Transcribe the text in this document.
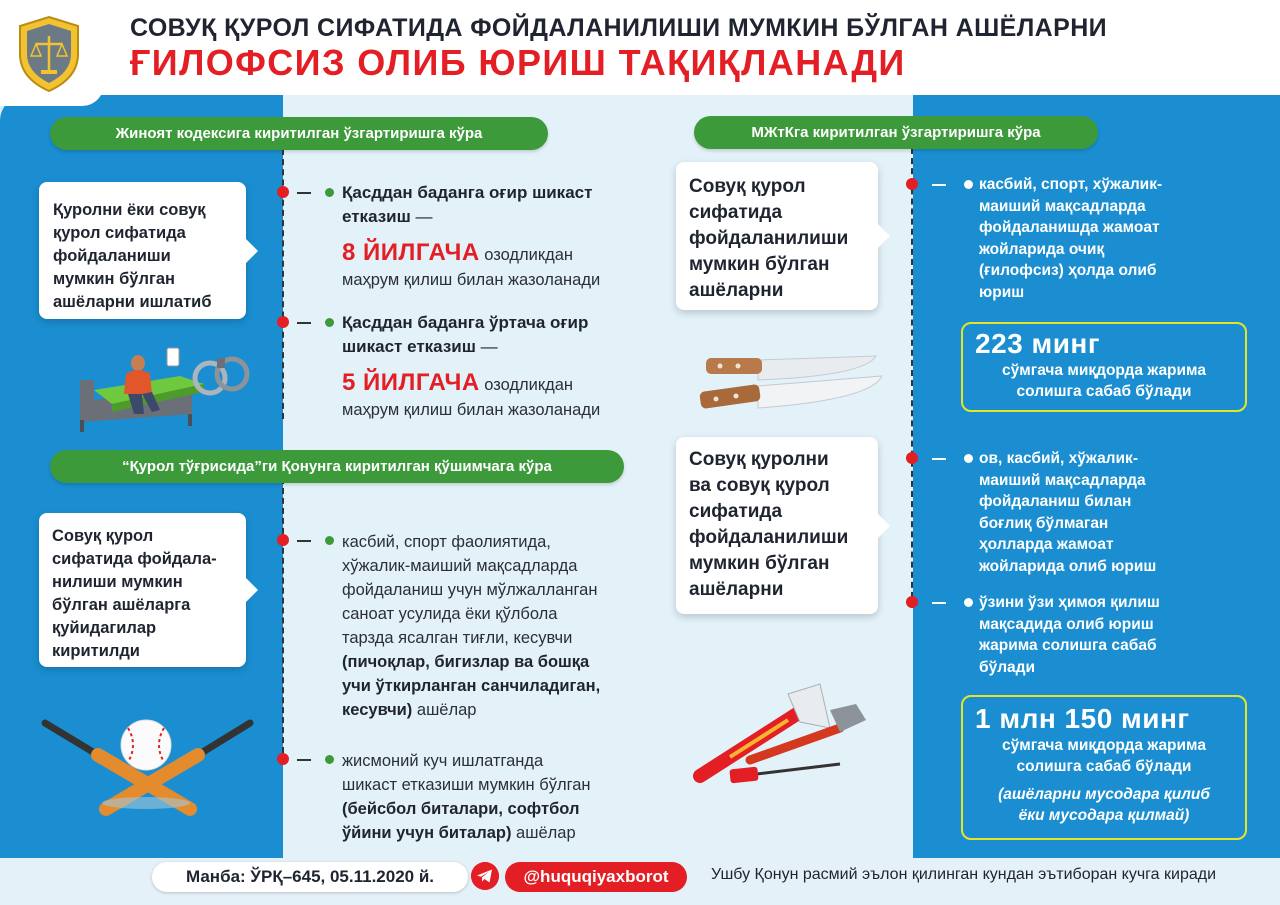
СОВУҚ ҚУРОЛ СИФАТИДА ФОЙДАЛАНИЛИШИ МУМКИН БЎЛГАН АШЁЛАРНИ
ҒИЛОФСИЗ ОЛИБ ЮРИШ ТАҚИҚЛАНАДИ
Жиноят кодексига киритилган ўзгартиришга кўра
“Қурол тўғрисида”ги Қонунга киритилган қўшимчага кўра
МЖтКга киритилган ўзгартиришга кўра
Қуролни ёки совуқ
қурол сифатида
фойдаланиши
мумкин бўлган
ашёларни ишлатиб
Совуқ қурол
сифатида фойдала-
нилиши мумкин
бўлган ашёларга
қуйидагилар
киритилди
Совуқ қурол
сифатида
фойдаланилиши
мумкин бўлган
ашёларни
Совуқ қуролни
ва совуқ қурол
сифатида
фойдаланилиши
мумкин бўлган
ашёларни
Қасддан баданга оғир шикаст
етказиш —
8 ЙИЛГАЧА озодликдан
маҳрум қилиш билан жазоланади
Қасддан баданга ўртача оғир
шикаст етказиш —
5 ЙИЛГАЧА озодликдан
маҳрум қилиш билан жазоланади
касбий, спорт фаолиятида,
хўжалик-маиший мақсадларда
фойдаланиш учун мўлжалланган
саноат усулида ёки қўлбола
тарзда ясалган тиғли, кесувчи
(пичоқлар, бигизлар ва бошқа
учи ўткирланган санчиладиган,
кесувчи) ашёлар
жисмоний куч ишлатганда
шикаст етказиши мумкин бўлган
(бейсбол биталари, софтбол
ўйини учун биталар) ашёлар
касбий, спорт, хўжалик-
маиший мақсадларда
фойдаланишда жамоат
жойларида очиқ
(ғилофсиз) ҳолда олиб
юриш
ов, касбий, хўжалик-
маиший мақсадларда
фойдаланиш билан
боғлиқ бўлмаган
ҳолларда жамоат
жойларида олиб юриш
ўзини ўзи ҳимоя қилиш
мақсадида олиб юриш
жарима солишга сабаб
бўлади
223 минг
сўмгача миқдорда жарима
солишга сабаб бўлади
1 млн 150 минг
сўмгача миқдорда жарима
солишга сабаб бўлади
(ашёларни мусодара қилиб
ёки мусодара қилмай)
Манба: ЎРҚ–645, 05.11.2020 й.	@huquqiyaxborot	Ушбу Қонун расмий эълон қилинган кундан эътиборан кучга киради
